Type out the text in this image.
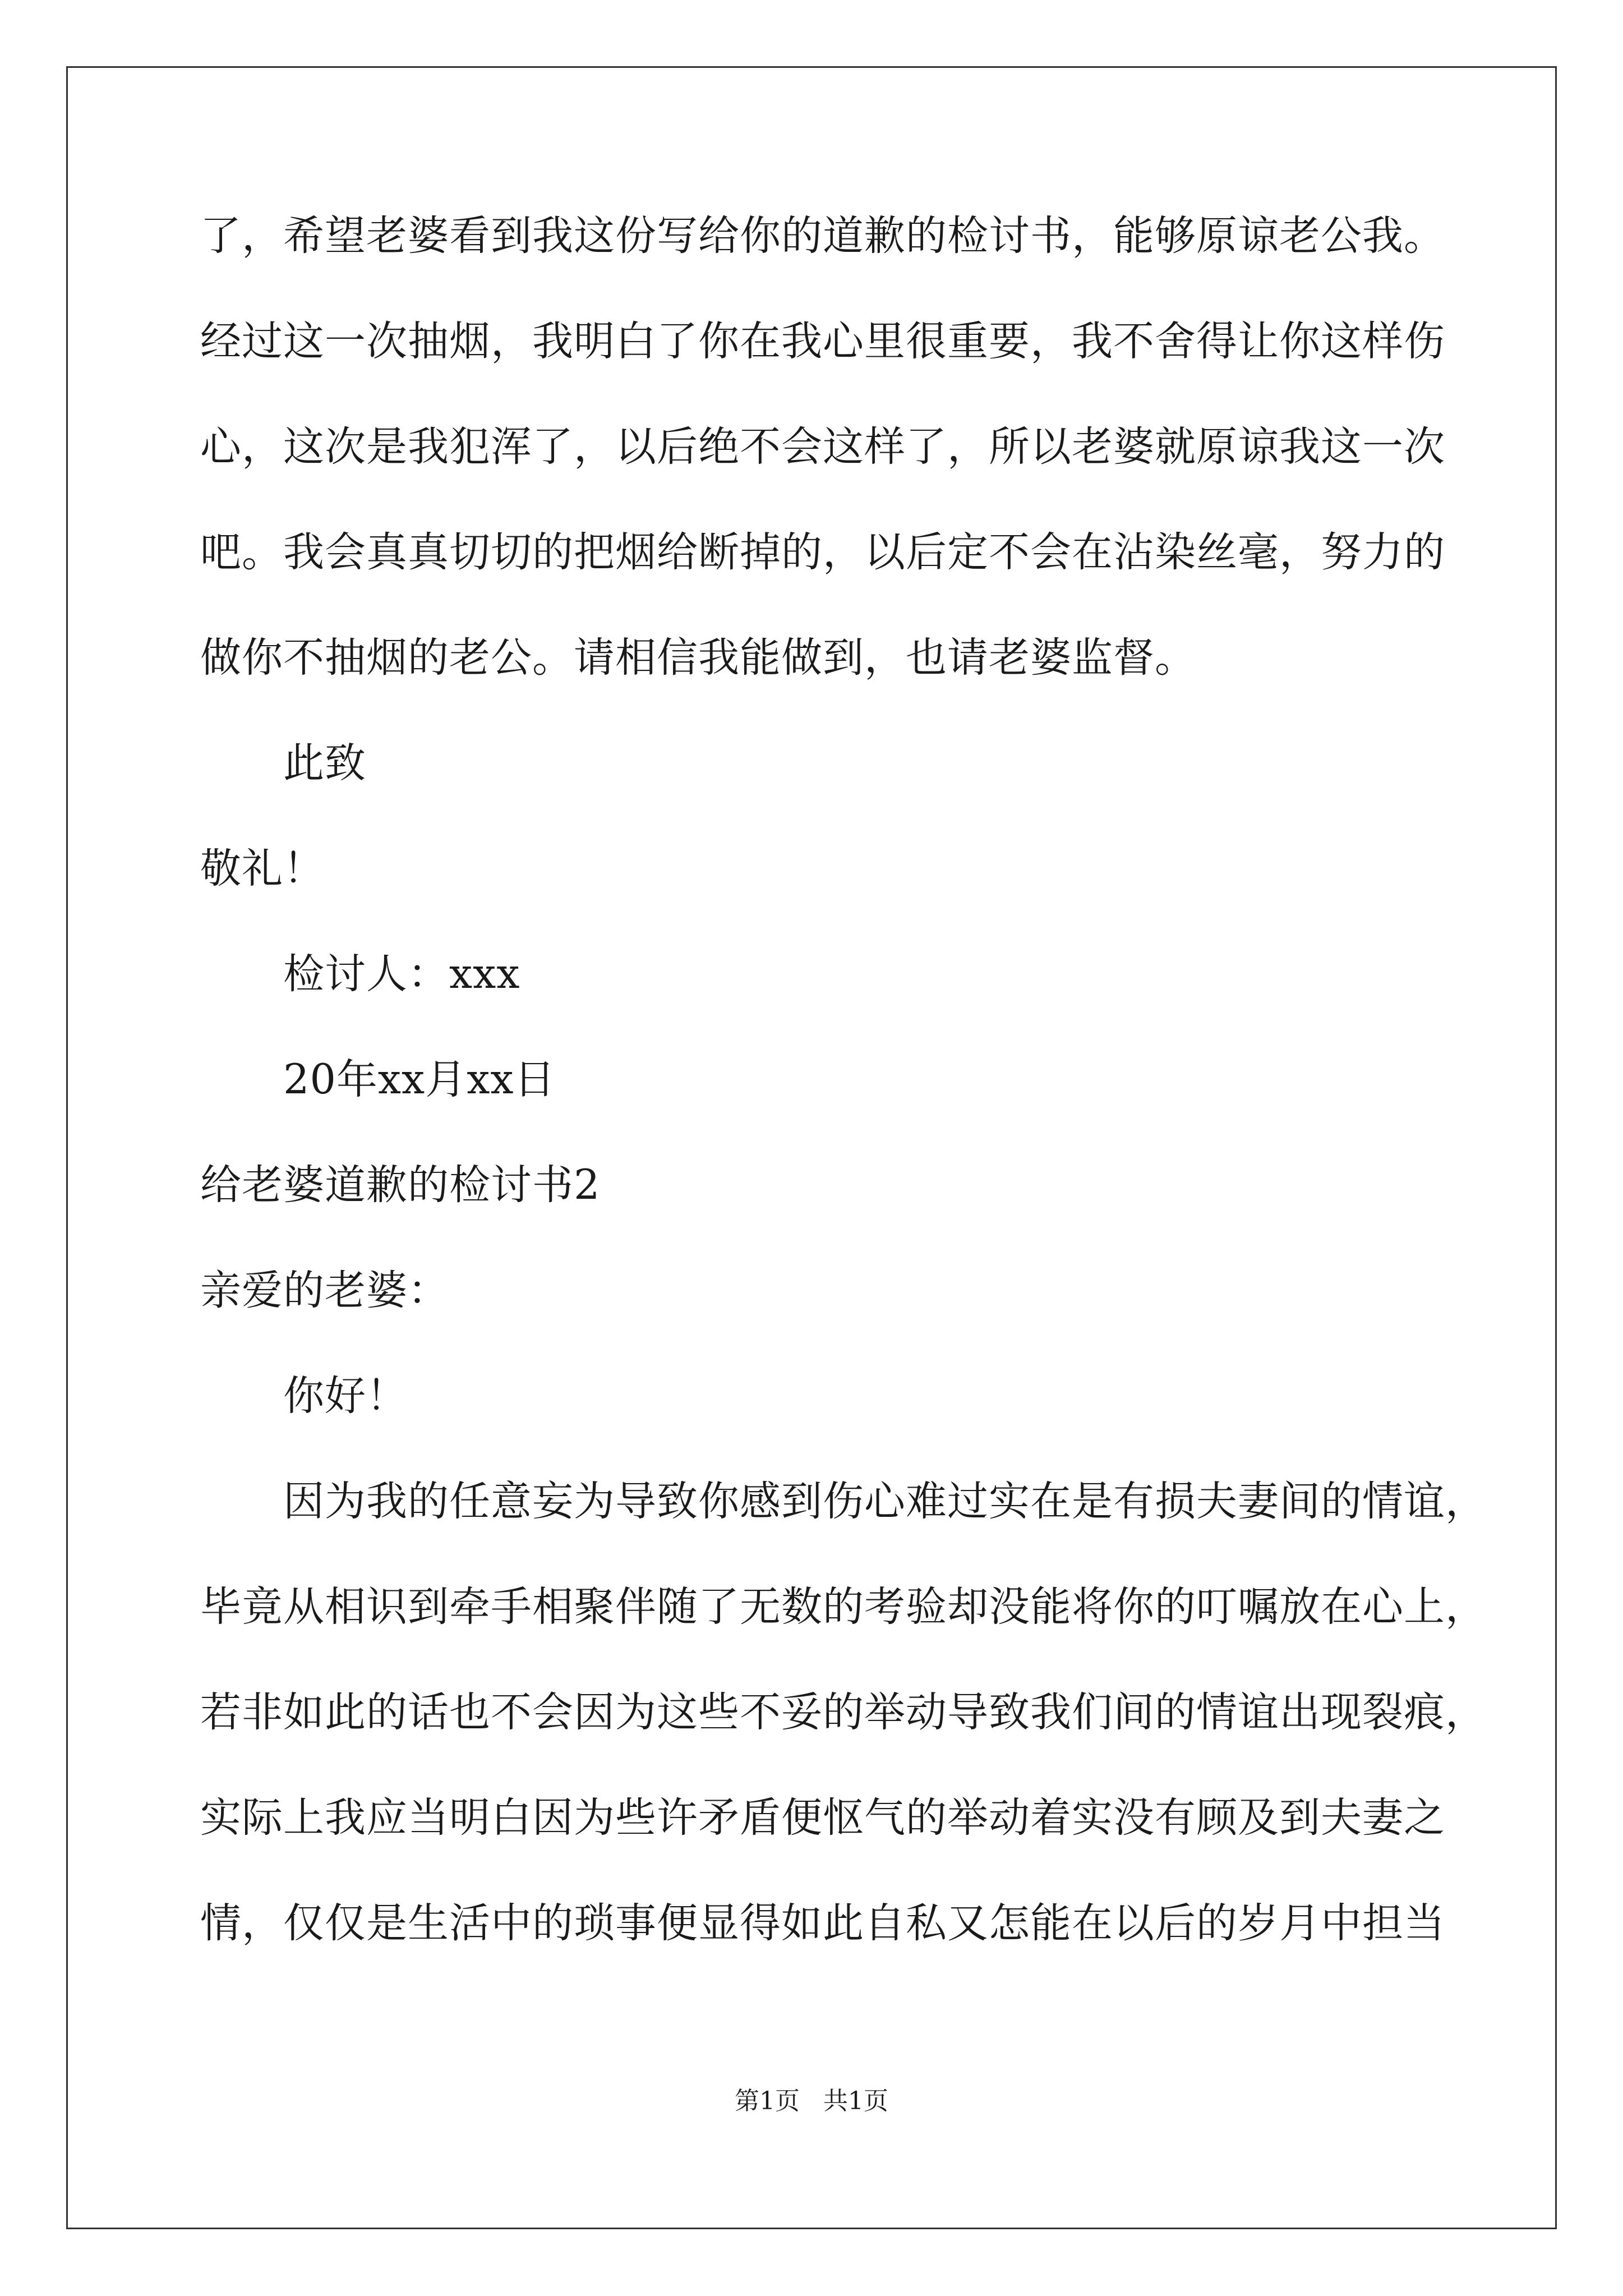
了，希望老婆看到我这份写给你的道歉的检讨书，能够原谅老公我。
经过这一次抽烟，我明白了你在我心里很重要，我不舍得让你这样伤
心，这次是我犯浑了，以后绝不会这样了，所以老婆就原谅我这一次
吧。我会真真切切的把烟给断掉的，以后定不会在沾染丝毫，努力的
做你不抽烟的老公。请相信我能做到，也请老婆监督。
此致
敬礼！
检讨人：xxx
20年xx月xx日
给老婆道歉的检讨书2
亲爱的老婆：
你好！
因为我的任意妄为导致你感到伤心难过实在是有损夫妻间的情谊，
毕竟从相识到牵手相聚伴随了无数的考验却没能将你的叮嘱放在心上，
若非如此的话也不会因为这些不妥的举动导致我们间的情谊出现裂痕，
实际上我应当明白因为些许矛盾便怄气的举动着实没有顾及到夫妻之
情，仅仅是生活中的琐事便显得如此自私又怎能在以后的岁月中担当
第1页 共1页
